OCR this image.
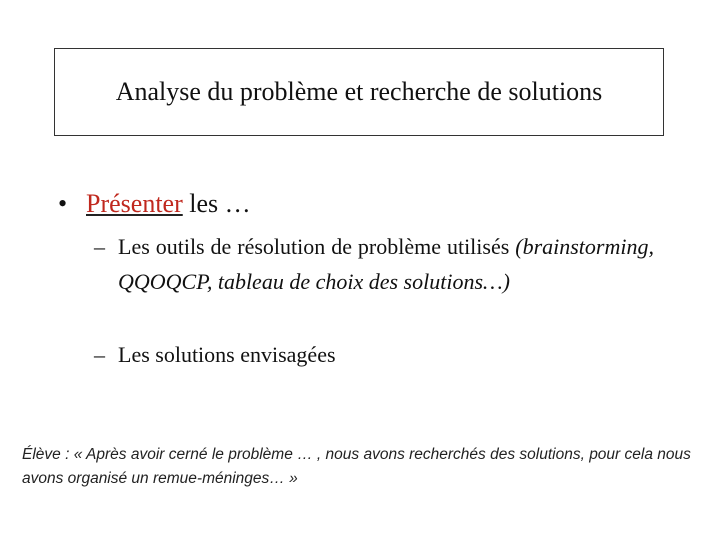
Analyse du problème et recherche de solutions
• Présenter les …
– Les outils de résolution de problème utilisés (brainstorming, QQOQCP, tableau de choix des solutions…)
– Les solutions envisagées
Élève : « Après avoir cerné le problème … , nous avons recherchés des solutions, pour cela nous avons organisé un remue-méninges… »
